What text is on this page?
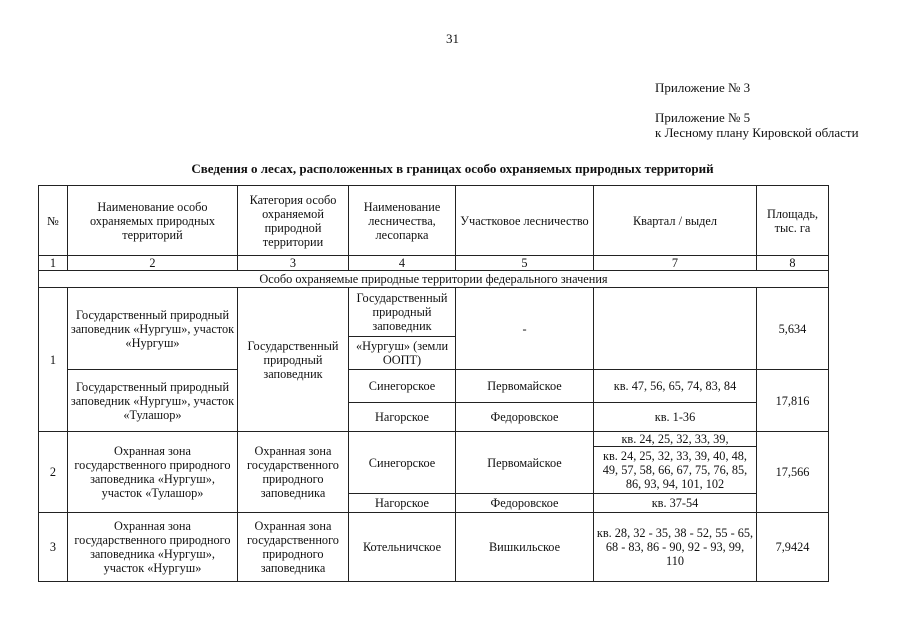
31
Приложение № 3
Приложение № 5
к Лесному плану Кировской области
Сведения о лесах, расположенных в границах особо охраняемых природных территорий
№	Наименование особо охраняемых природных территорий	Категория особо охраняемой природной территории	Наименование лесничества, лесопарка	Участковое лесничество	Квартал / выдел	Площадь, тыс. га
1	2	3	4	5	7	8
Особо охраняемые природные территории федерального значения						
1	Государственный природный заповедник «Нургуш», участок «Нургуш»	Государственный природный заповедник	Государственный природный заповедник	-		5,634
			«Нургуш» (земли ООПТ)			
	Государственный природный заповедник «Нургуш», участок «Тулашор»		Синегорское	Первомайское	кв. 47, 56, 65, 74, 83, 84	17,816
			Нагорское	Федоровское	кв. 1-36	
2	Охранная зона государственного природного заповедника «Нургуш», участок «Тулашор»	Охранная зона государственного природного заповедника	Синегорское	Первомайское	кв. 24, 25, 32, 33, 39,	17,566
					кв. 24, 25, 32, 33, 39, 40, 48, 49, 57, 58, 66, 67, 75, 76, 85, 86, 93, 94, 101, 102	
			Нагорское	Федоровское	кв. 37-54	
3	Охранная зона государственного природного заповедника «Нургуш», участок «Нургуш»	Охранная зона государственного природного заповедника	Котельничское	Вишкильское	кв. 28, 32 - 35, 38 - 52, 55 - 65, 68 - 83, 86 - 90, 92 - 93, 99, 110	7,9424
